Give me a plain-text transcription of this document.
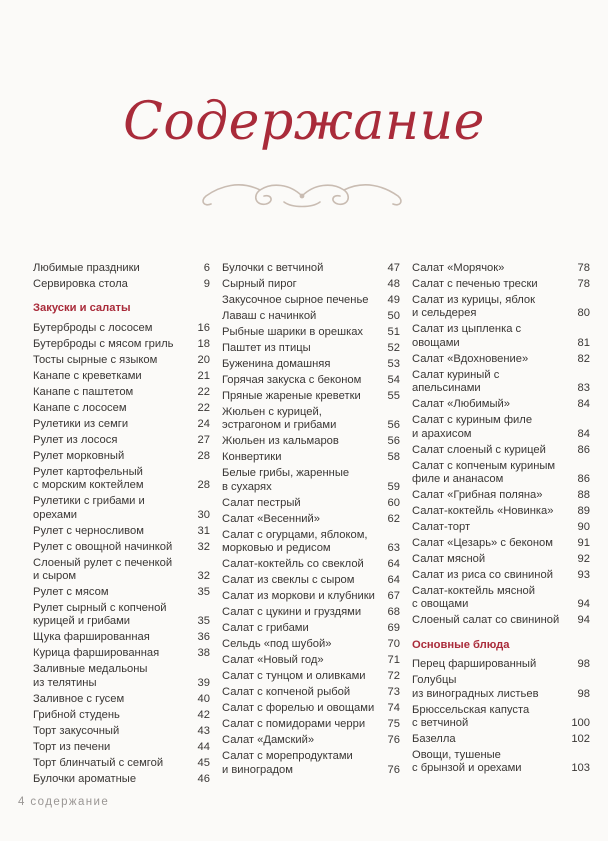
Содержание
Любимые праздники	6
Сервировка стола	9
Закуски и салаты
Бутерброды с лососем	16
Бутерброды с мясом гриль	18
Тосты сырные с языком	20
Канапе с креветками	21
Канапе с паштетом	22
Канапе с лососем	22
Рулетики из семги	24
Рулет из лосося	27
Рулет морковный	28
Рулет картофельный
с морским коктейлем	28
Рулетики с грибами и орехами	30
Рулет с черносливом	31
Рулет с овощной начинкой	32
Слоеный рулет с печенкой
и сыром	32
Рулет с мясом	35
Рулет сырный с копченой
курицей и грибами	35
Щука фаршированная	36
Курица фаршированная	38
Заливные медальоны
из телятины	39
Заливное с гусем	40
Грибной студень	42
Торт закусочный	43
Торт из печени	44
Торт блинчатый с семгой	45
Булочки ароматные	46
Булочки с ветчиной	47
Сырный пирог	48
Закусочное сырное печенье	49
Лаваш с начинкой	50
Рыбные шарики в орешках	51
Паштет из птицы	52
Буженина домашняя	53
Горячая закуска с беконом	54
Пряные жареные креветки	55
Жюльен с курицей,
эстрагоном и грибами	56
Жюльен из кальмаров	56
Конвертики	58
Белые грибы, жаренные
в сухарях	59
Салат пестрый	60
Салат «Весенний»	62
Салат с огурцами, яблоком,
морковью и редисом	63
Салат-коктейль со свеклой	64
Салат из свеклы с сыром	64
Салат из моркови и клубники	67
Салат с цукини и груздями	68
Салат с грибами	69
Сельдь «под шубой»	70
Салат «Новый год»	71
Салат с тунцом и оливками	72
Салат с копченой рыбой	73
Салат с форелью и овощами	74
Салат с помидорами черри	75
Салат «Дамский»	76
Салат с морепродуктами
и виноградом	76
Салат «Морячок»	78
Салат с печенью трески	78
Салат из курицы, яблок
и сельдерея	80
Салат из цыпленка с овощами	81
Салат «Вдохновение»	82
Салат куриный с апельсинами	83
Салат «Любимый»	84
Салат с куриным филе
и арахисом	84
Салат слоеный с курицей	86
Салат с копченым куриным
филе и ананасом	86
Салат «Грибная поляна»	88
Салат-коктейль «Новинка»	89
Салат-торт	90
Салат «Цезарь» с беконом	91
Салат мясной	92
Салат из риса со свининой	93
Салат-коктейль мясной
с овощами	94
Слоеный салат со свининой	94
Основные блюда
Перец фаршированный	98
Голубцы
из виноградных листьев	98
Брюссельская капуста
с ветчиной	100
Базелла	102
Овощи, тушеные
с брынзой и орехами	103
4 содержание
